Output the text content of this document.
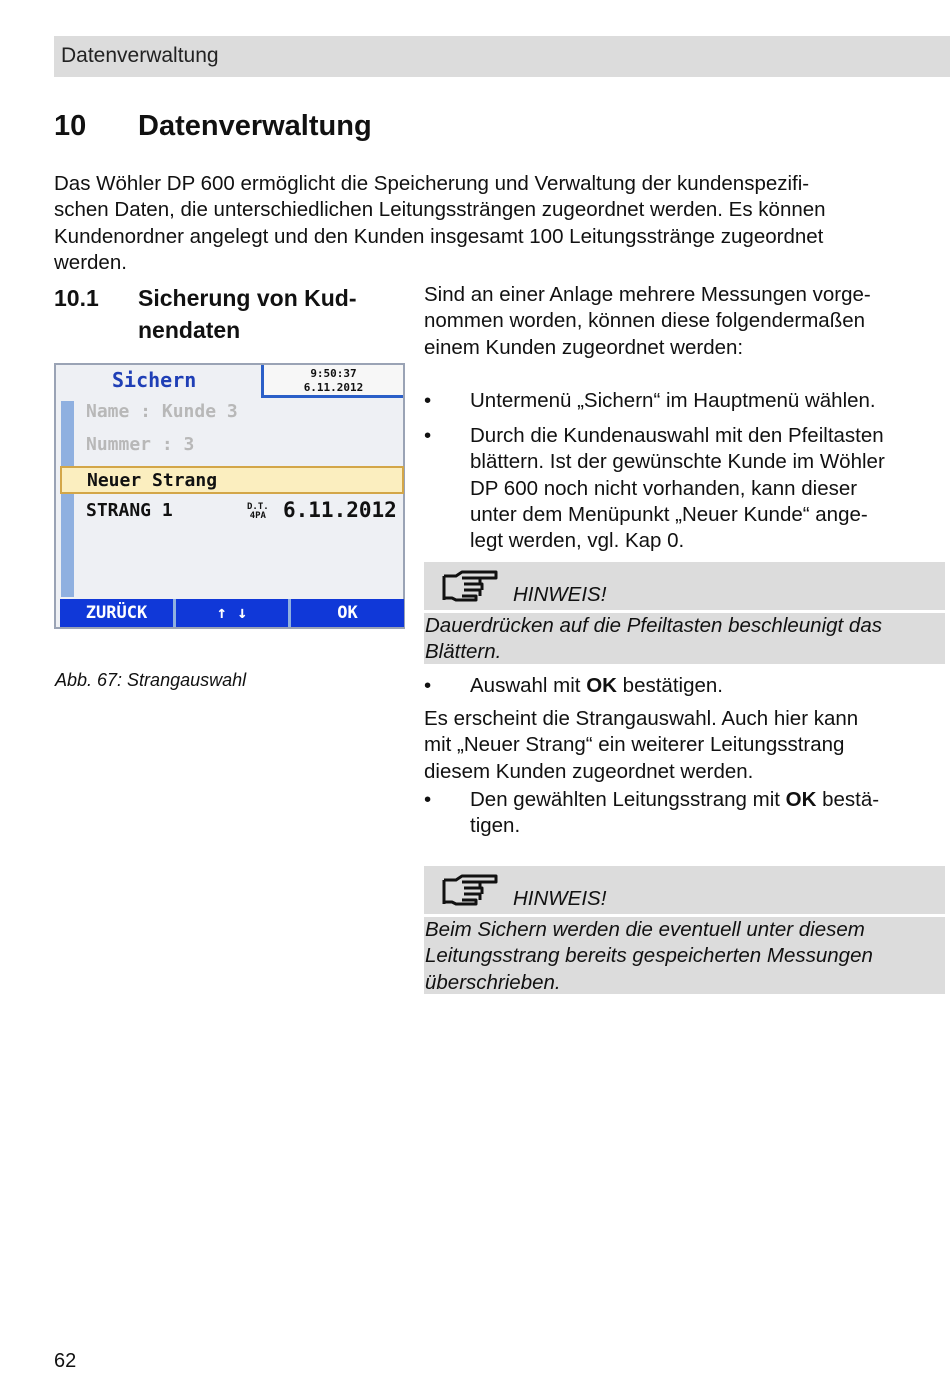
Datenverwaltung
10 Datenverwaltung
Das Wöhler DP 600 ermöglicht die Speicherung und Verwaltung der kundenspezifi-
schen Daten, die unterschiedlichen Leitungssträngen zugeordnet werden. Es können
Kundenordner angelegt und den Kunden insgesamt 100 Leitungsstränge zugeordnet
werden.
10.1 Sicherung von Kud-
nendaten
Sichern	9:50:37
6.11.2012
Name : Kunde 3
Nummer : 3
Neuer Strang
STRANG 1	D.T.
4PA 6.11.2012
ZURÜCK	↑ ↓	OK
Abb. 67: Strangauswahl
Sind an einer Anlage mehrere Messungen vorge-
nommen worden, können diese folgendermaßen
einem Kunden zugeordnet werden:
• Untermenü „Sichern“ im Hauptmenü wählen.
• Durch die Kundenauswahl mit den Pfeiltasten
blättern. Ist der gewünschte Kunde im Wöhler
DP 600 noch nicht vorhanden, kann dieser
unter dem Menüpunkt „Neuer Kunde“ ange-
legt werden, vgl. Kap 0.
HINWEIS!
Dauerdrücken auf die Pfeiltasten beschleunigt das
Blättern.
• Auswahl mit OK bestätigen.
Es erscheint die Strangauswahl. Auch hier kann
mit „Neuer Strang“ ein weiterer Leitungsstrang
diesem Kunden zugeordnet werden.
• Den gewählten Leitungsstrang mit OK bestä-
tigen.
HINWEIS!
Beim Sichern werden die eventuell unter diesem
Leitungsstrang bereits gespeicherten Messungen
überschrieben.
62
